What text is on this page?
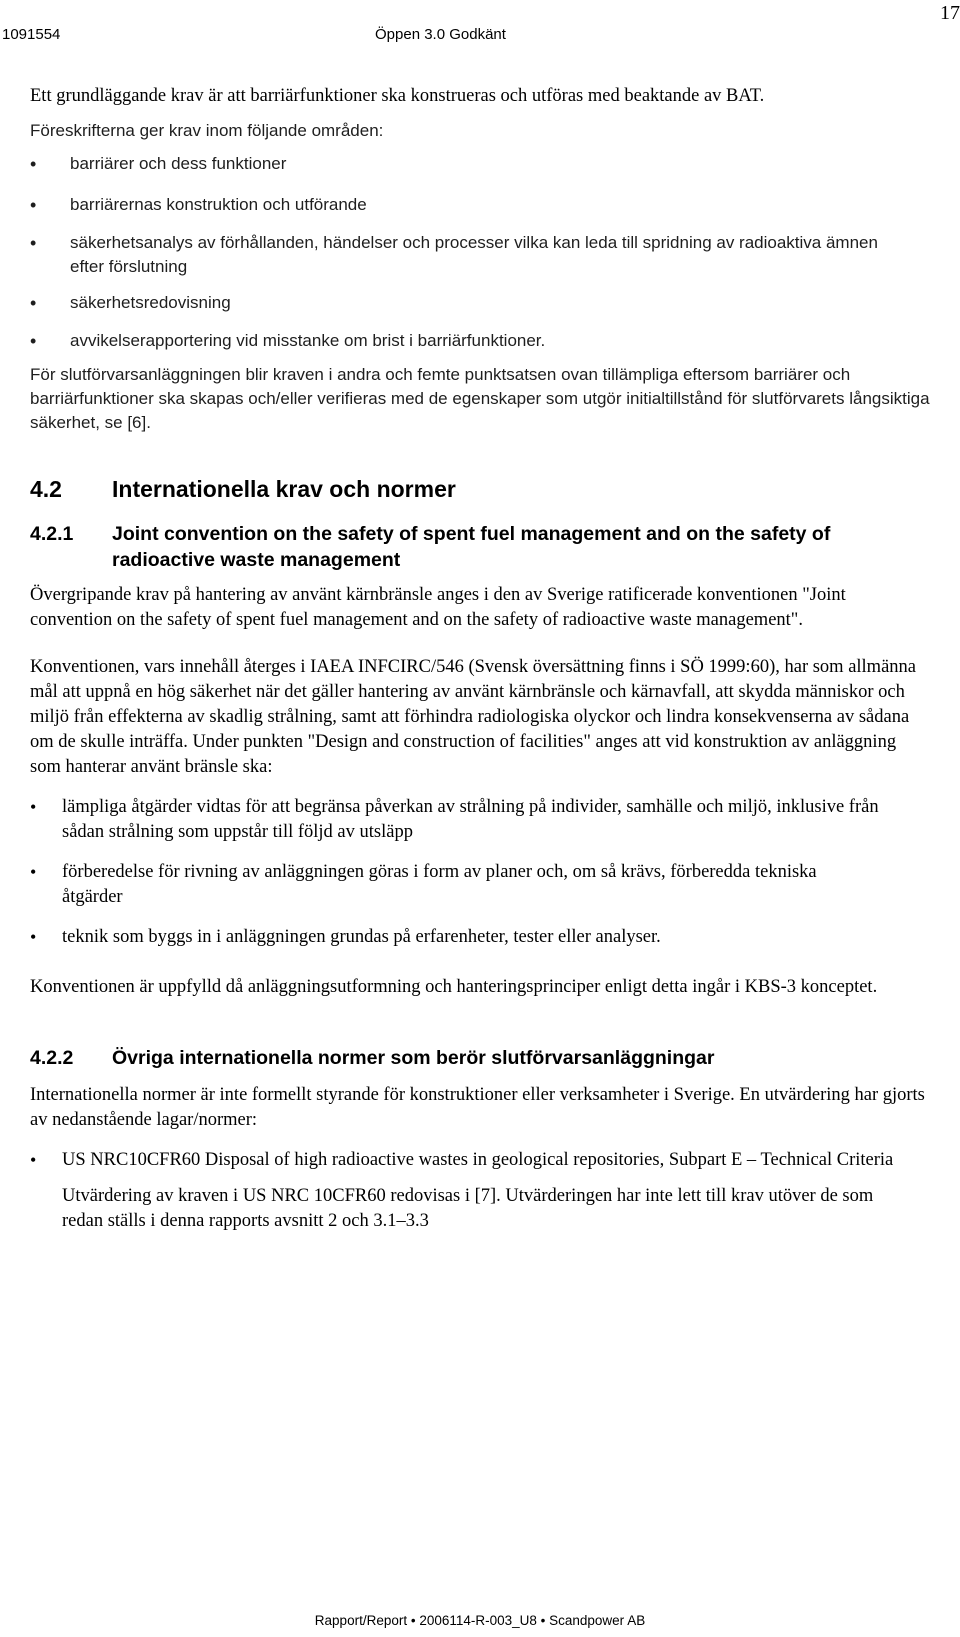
1091554	Öppen 3.0 Godkänt
17

Ett grundläggande krav är att barriärfunktioner ska konstrueras och utföras med beaktande av BAT.

Föreskrifterna ger krav inom följande områden:

• barriärer och dess funktioner
• barriärernas konstruktion och utförande
• säkerhetsanalys av förhållanden, händelser och processer vilka kan leda till spridning av radioaktiva ämnen efter förslutning
• säkerhetsredovisning
• avvikelserapportering vid misstanke om brist i barriärfunktioner.

För slutförvarsanläggningen blir kraven i andra och femte punktsatsen ovan tillämpliga eftersom barriärer och barriärfunktioner ska skapas och/eller verifieras med de egenskaper som utgör initialtillstånd för slutförvarets långsiktiga säkerhet, se [6].

4.2	Internationella krav och normer
4.2.1	Joint convention on the safety of spent fuel management and on the safety of radioactive waste management

Övergripande krav på hantering av använt kärnbränsle anges i den av Sverige ratificerade konventionen "Joint convention on the safety of spent fuel management and on the safety of radioactive waste management".

Konventionen, vars innehåll återges i IAEA INFCIRC/546 (Svensk översättning finns i SÖ 1999:60), har som allmänna mål att uppnå en hög säkerhet när det gäller hantering av använt kärnbränsle och kärnavfall, att skydda människor och miljö från effekterna av skadlig strålning, samt att förhindra radiologiska olyckor och lindra konsekvenserna av sådana om de skulle inträffa. Under punkten "Design and construction of facilities" anges att vid konstruktion av anläggning som hanterar använt bränsle ska:

• lämpliga åtgärder vidtas för att begränsa påverkan av strålning på individer, samhälle och miljö, inklusive från sådan strålning som uppstår till följd av utsläpp
• förberedelse för rivning av anläggningen göras i form av planer och, om så krävs, förberedda tekniska åtgärder
• teknik som byggs in i anläggningen grundas på erfarenheter, tester eller analyser.

Konventionen är uppfylld då anläggningsutformning och hanteringsprinciper enligt detta ingår i KBS-3 konceptet.

4.2.2	Övriga internationella normer som berör slutförvarsanläggningar

Internationella normer är inte formellt styrande för konstruktioner eller verksamheter i Sverige. En utvärdering har gjorts av nedanstående lagar/normer:

• US NRC10CFR60 Disposal of high radioactive wastes in geological repositories, Subpart E – Technical Criteria

Utvärdering av kraven i US NRC 10CFR60 redovisas i [7]. Utvärderingen har inte lett till krav utöver de som redan ställs i denna rapports avsnitt 2 och 3.1–3.3

Rapport/Report • 2006114-R-003_U8 • Scandpower AB
